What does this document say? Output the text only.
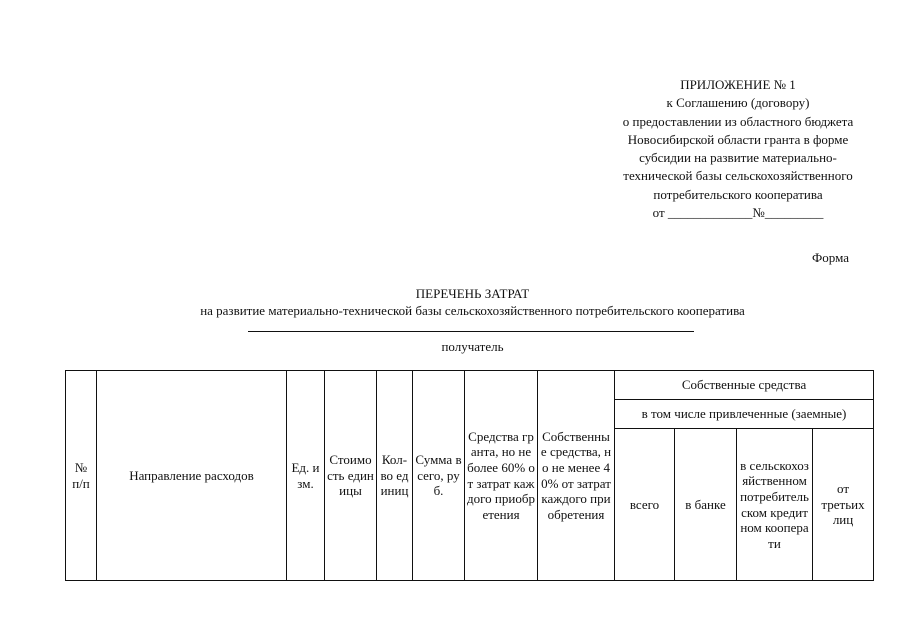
ПРИЛОЖЕНИЕ № 1
к Соглашению (договору)
о предоставлении из областного бюджета
Новосибирской области гранта в форме
субсидии на развитие материально-
технической базы сельскохозяйственного
потребительского кооператива
от _____________№_________
Форма
ПЕРЕЧЕНЬ ЗАТРАТ
на развитие материально-технической базы сельскохозяйственного потребительского кооператива
получатель
№ п/п	Направление расходов	Ед. изм.	Стоимость единицы	Кол-во единиц	Сумма всего, руб.	Средства гранта, но не более 60% от затрат каждого приобретения	Собственные средства, но не менее 40% от затрат каждого приобретения	Собственные средства			
								в том числе привлеченные (заемные)			
								всего	в банке	в сельскохозяйственном потребительском кредитном кооперати	от третьих лиц
